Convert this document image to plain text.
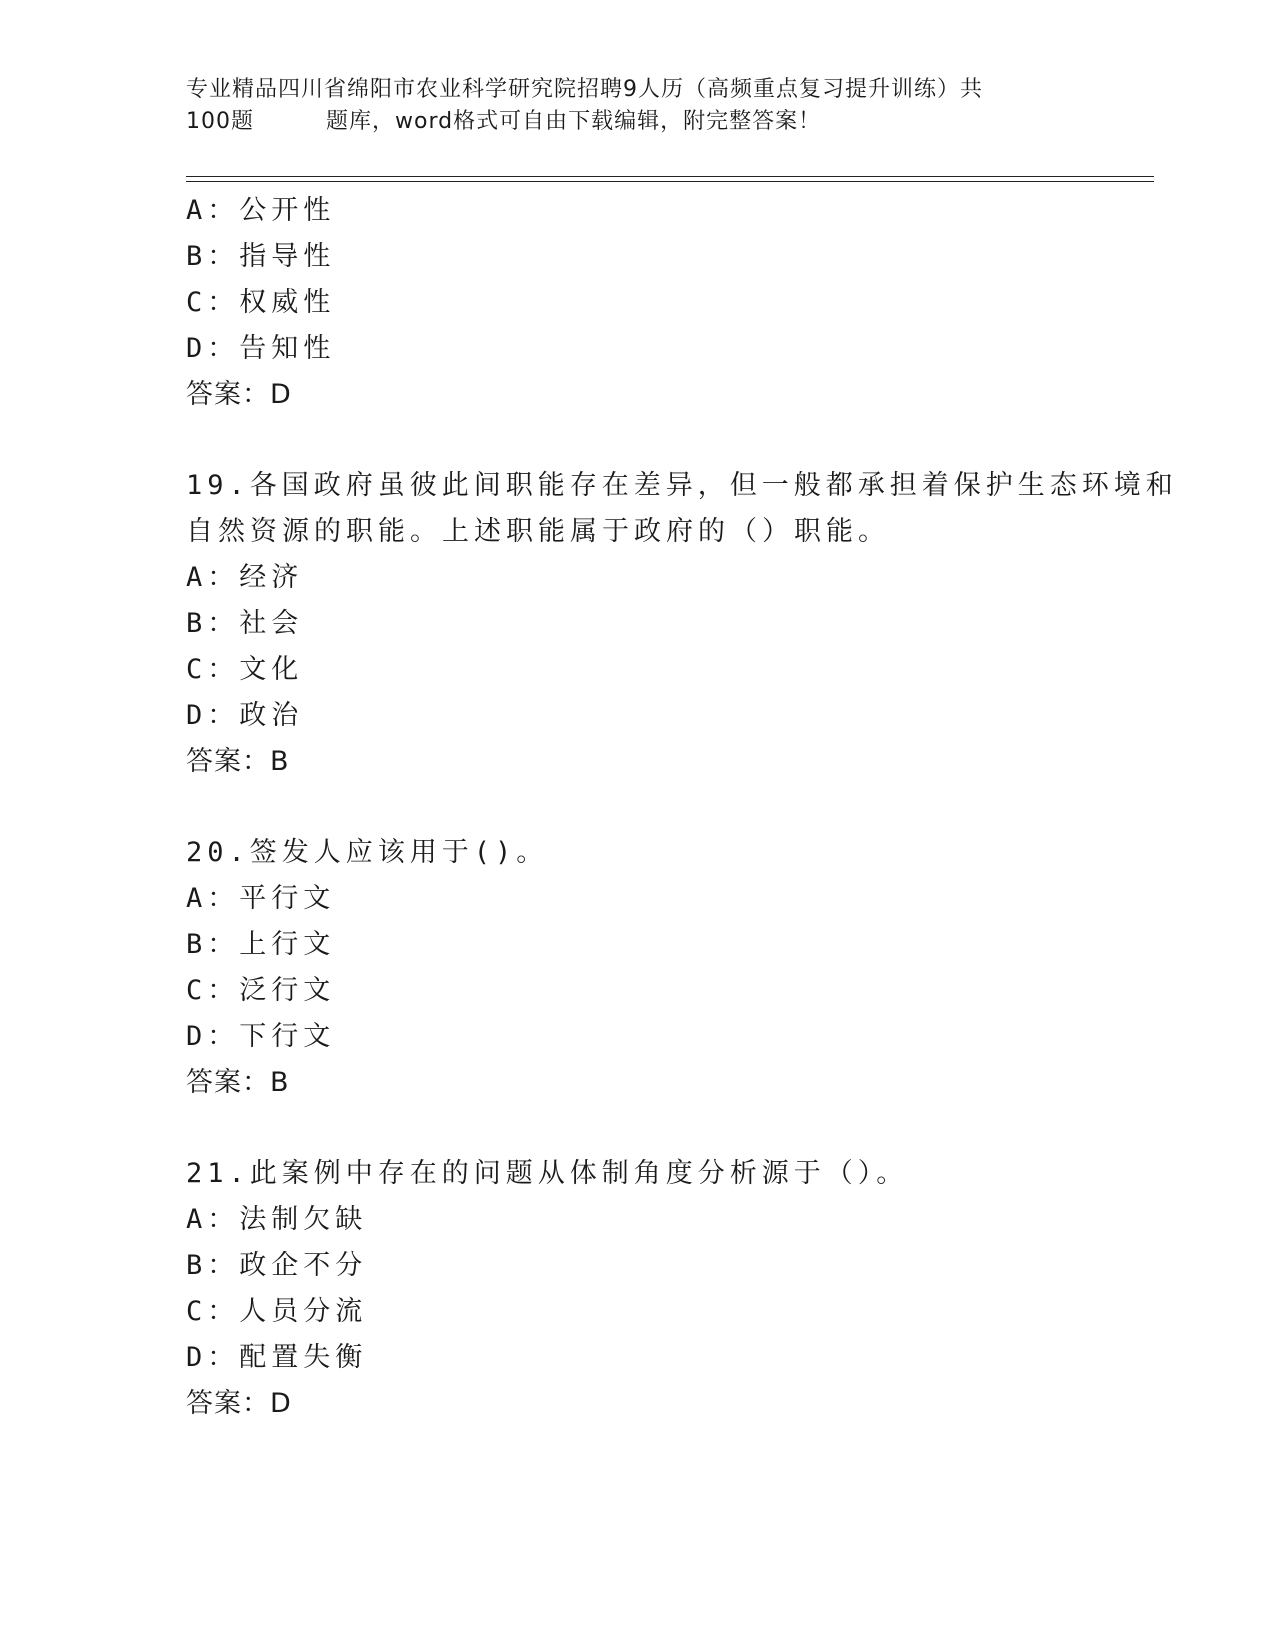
专业精品四川省绵阳市农业科学研究院招聘9人历（高频重点复习提升训练）共
100题	题库，word格式可自由下载编辑，附完整答案！
A：公开性
B：指导性
C：权威性
D：告知性
答案：D
19.各国政府虽彼此间职能存在差异，但一般都承担着保护生态环境和
自然资源的职能。上述职能属于政府的（）职能。
A：经济
B：社会
C：文化
D：政治
答案：B
20.签发人应该用于()。
A：平行文
B：上行文
C：泛行文
D：下行文
答案：B
21.此案例中存在的问题从体制角度分析源于（）。
A：法制欠缺
B：政企不分
C：人员分流
D：配置失衡
答案：D
